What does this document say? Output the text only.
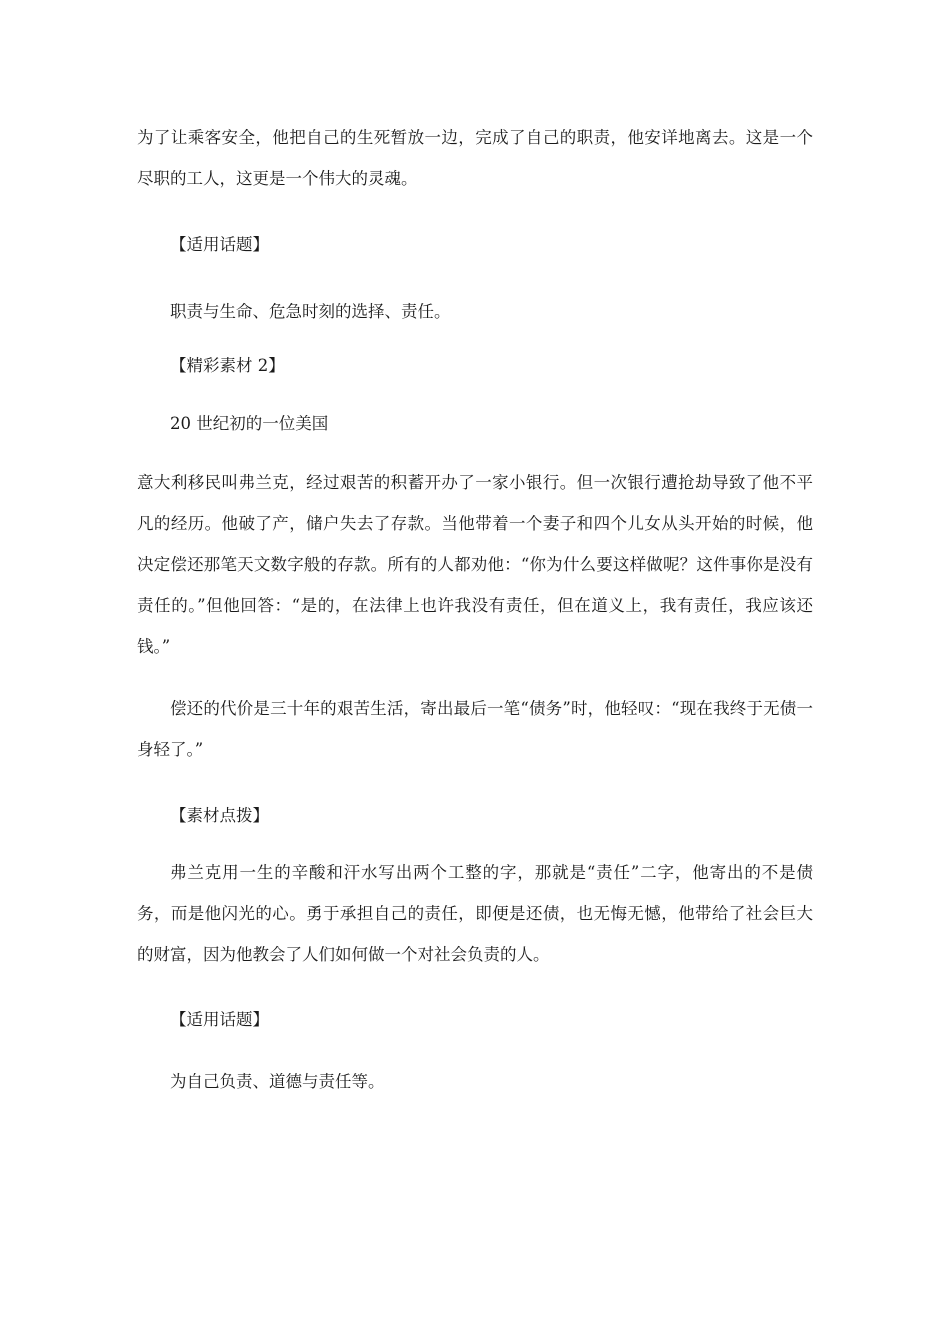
为了让乘客安全，他把自己的生死暂放一边，完成了自己的职责，他安详地离去。这是一个尽职的工人，这更是一个伟大的灵魂。

【适用话题】

职责与生命、危急时刻的选择、责任。

【精彩素材 2】

20 世纪初的一位美国

意大利移民叫弗兰克，经过艰苦的积蓄开办了一家小银行。但一次银行遭抢劫导致了他不平凡的经历。他破了产，储户失去了存款。当他带着一个妻子和四个儿女从头开始的时候，他决定偿还那笔天文数字般的存款。所有的人都劝他：“你为什么要这样做呢？这件事你是没有责任的。”但他回答：“是的，在法律上也许我没有责任，但在道义上，我有责任，我应该还钱。”

偿还的代价是三十年的艰苦生活，寄出最后一笔“债务”时，他轻叹：“现在我终于无债一身轻了。”

【素材点拨】

弗兰克用一生的辛酸和汗水写出两个工整的字，那就是“责任”二字，他寄出的不是债务，而是他闪光的心。勇于承担自己的责任，即便是还债，也无悔无憾，他带给了社会巨大的财富，因为他教会了人们如何做一个对社会负责的人。

【适用话题】

为自己负责、道德与责任等。
